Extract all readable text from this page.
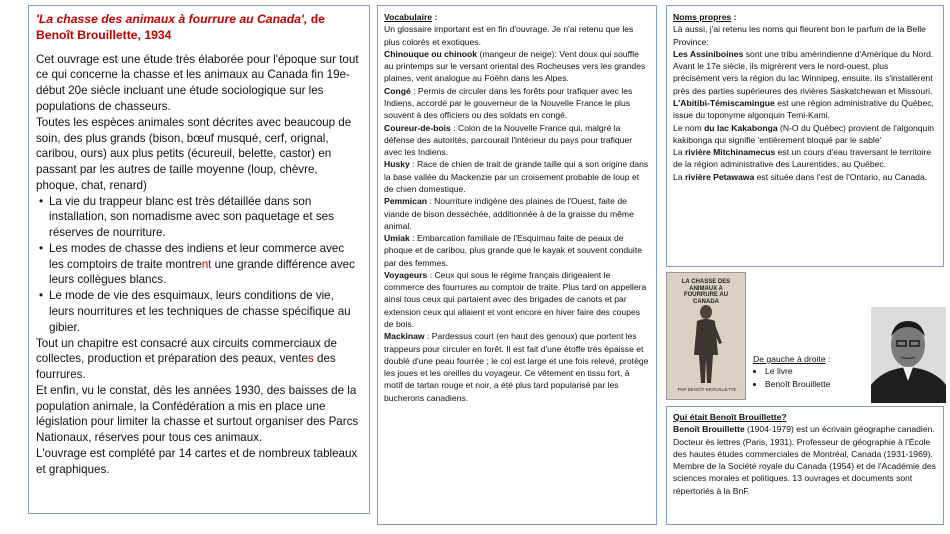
'La chasse des animaux à fourrure au Canada', de Benoît Brouillette, 1934

Cet ouvrage est une étude très élaborée pour l'époque sur tout ce qui concerne la chasse et les animaux au Canada fin 19e- début 20e siècle incluant une étude sociologique sur les populations de chasseurs.

Toutes les espèces animales sont décrites avec beaucoup de soin, des plus grands (bison, bœuf musqué, cerf, orignal, caribou, ours) aux plus petits (écureuil, belette, castor) en passant par les autres de taille moyenne (loup, chèvre, phoque, chat, renard)

• La vie du trappeur blanc est très détaillée dans son installation, son nomadisme avec son paquetage et ses réserves de nourriture.

• Les modes de chasse des indiens et leur commerce avec les comptoirs de traite montrent une grande différence avec leurs collègues blancs.

• Le mode de vie des esquimaux, leurs conditions de vie, leurs nourritures et les techniques de chasse spécifique au gibier.

Tout un chapitre est consacré aux circuits commerciaux de collectes, production et préparation des peaux, ventes des fourrures.

Et enfin, vu le constat, dès les années 1930, des baisses de la population animale, la Confédération a mis en place une législation pour limiter la chasse et surtout organiser des Parcs Nationaux, réserves pour tous ces animaux.

L'ouvrage est complété par 14 cartes et de nombreux tableaux et graphiques.

Vocabulaire :

Un glossaire important est en fin d'ouvrage. Je n'ai retenu que les plus colorés et exotiques.

Chinouque ou chinook (mangeur de neige): Vent doux qui souffle au printemps sur le versant oriental des Rocheuses vers les grandes plaines, vent analogue au Foëhn dans les Alpes.

Congé : Permis de circuler dans les forêts pour trafiquer avec les Indiens, accordé par le gouverneur de la Nouvelle France le plus souvent à des officiers ou des soldats en congé.

Coureur-de-bois : Colon de la Nouvelle France qui, malgré la défense des autorités, parcourait l'intérieur du pays pour trafiquer avec les Indiens.

Husky : Race de chien de trait de grande taille qui a son origine dans la base vallée du Mackenzie par un croisement probable de loup et de chien domestique.

Pemmican : Nourriture indigène des plaines de l'Ouest, faite de viande de bison desséchée, additionnée à de la graisse du même animal.

Umiak : Embarcation familiale de l'Esquimau faite de peaux de phoque et de caribou, plus grande que le kayak et souvent conduite par des femmes.

Voyageurs : Ceux qui sous le régime français dirigeaient le commerce des fourrures au comptoir de traite. Plus tard on appellera ainsi tous ceux qui partaient avec des brigades de canots et par extension ceux qui allaient et vont encore en hiver faire des coupes de bois.

Mackinaw : Pardessus court (en haut des genoux) que portent les trappeurs pour circuler en forêt. Il est fait d'une étoffe très épaisse et doublé d'une peau fourrée ; le col est large et une fois relevé, protège les joues et les oreilles du voyageur. Ce vêtement en tissu fort, à motif de tartan rouge et noir, a été plus tard popularisé par les bucherons canadiens.

Noms propres :

Là aussi, j'ai retenu les noms qui fleurent bon le parfum de la Belle Province:

Les Assiniboines sont une tribu amérindienne d'Amérique du Nord. Avant le 17e siècle, ils migrèrent vers le nord-ouest, plus précisément vers la région du lac Winnipeg, ensuite, ils s'installèrent près des parties supérieures des rivières Saskatchewan et Missouri.

L'Abitibi-Témiscamingue est une région administrative du Québec, issue du toponyme algonquin Temi-Kami.

Le nom du lac Kakabonga (N-O du Québec) provient de l'algonquin kakibonga qui signifie 'entièrement bloqué par le sable'

La rivière Mitchinamecus est un cours d'eau traversant le territoire de la région administrative des Laurentides, au Québec.

La rivière Petawawa est située dans l'est de l'Ontario, au Canada.

LA CHASSE DES ANIMAUX A FOURRURE AU CANADA
PAR BENOÎT BROUILLETTE

De gauche à droite :

• Le livre
• Benoît Brouillette

Qui était Benoît Brouillette?

Benoît Brouillette (1904-1979) est un écrivain géographe canadien. Docteur ès lettres (Paris, 1931). Professeur de géographie à l'École des hautes études commerciales de Montréal, Canada (1931-1969). Membre de la Société royale du Canada (1954) et de l'Académie des sciences morales et politiques. 13 ouvrages et documents sont répertoriés à la BnF.
